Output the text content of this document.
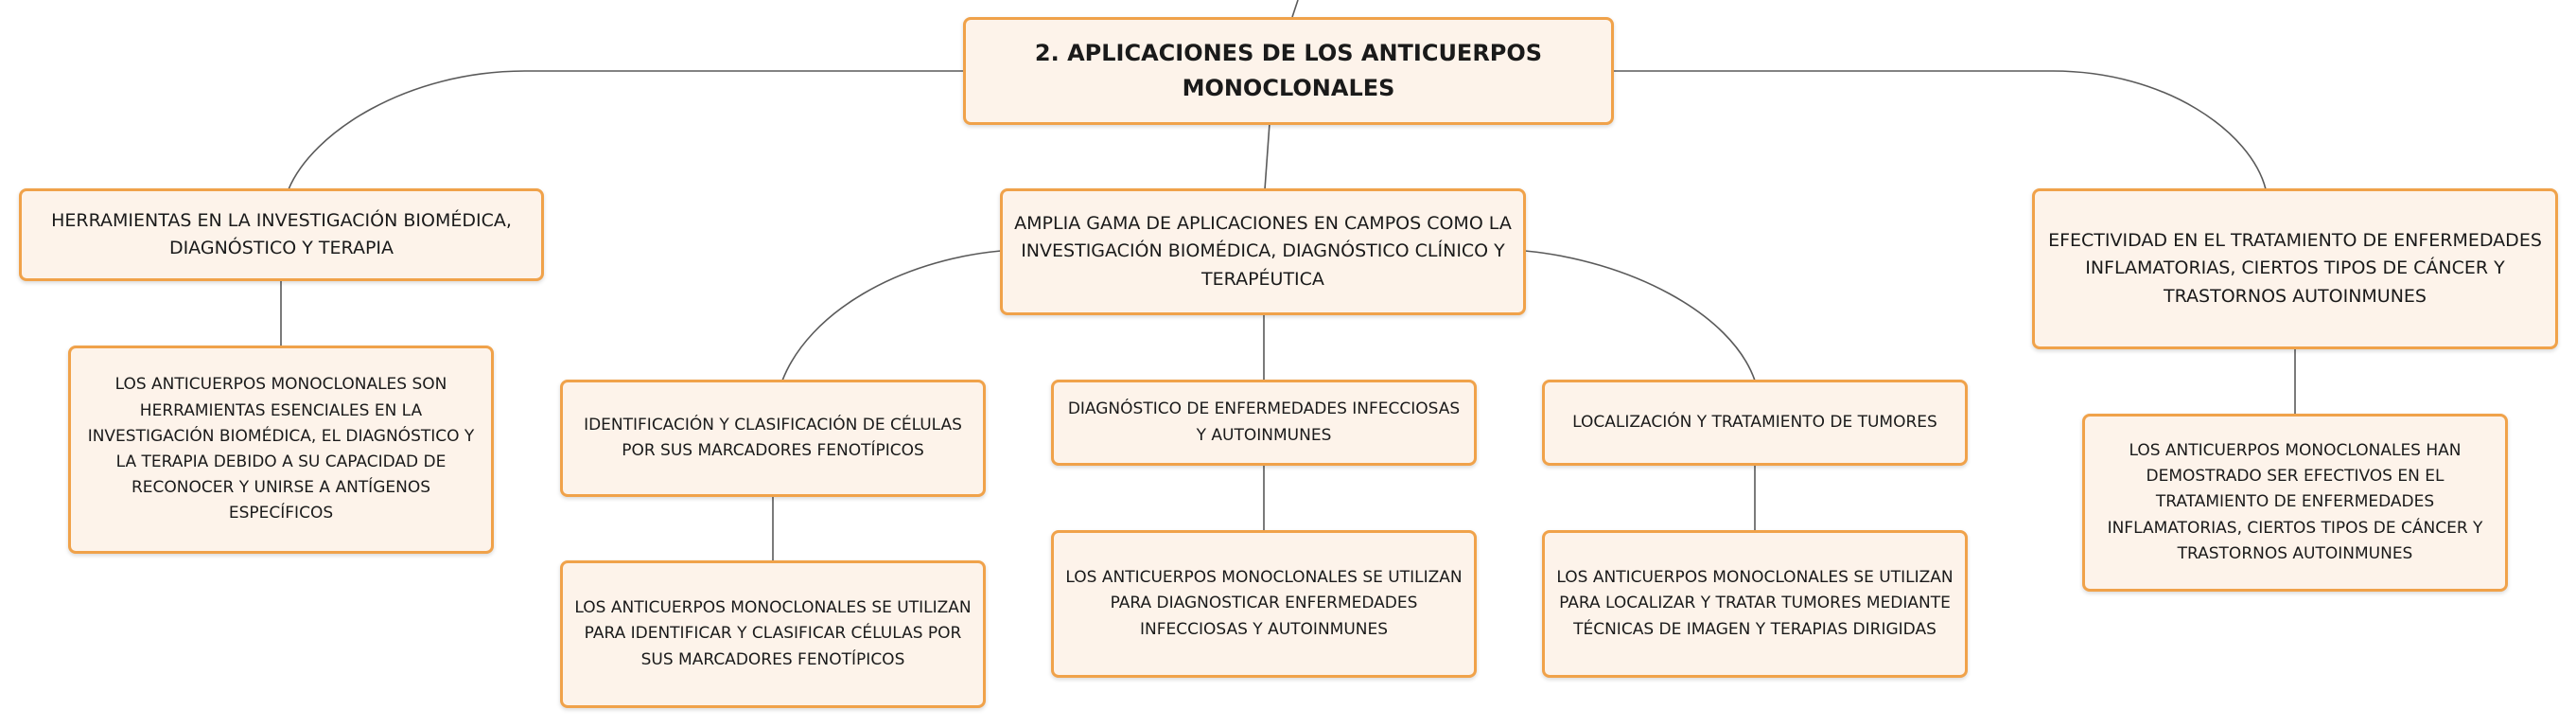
2. APLICACIONES DE LOS ANTICUERPOS MONOCLONALES
HERRAMIENTAS EN LA INVESTIGACIÓN BIOMÉDICA, DIAGNÓSTICO Y TERAPIA
LOS ANTICUERPOS MONOCLONALES SON HERRAMIENTAS ESENCIALES EN LA INVESTIGACIÓN BIOMÉDICA, EL DIAGNÓSTICO Y LA TERAPIA DEBIDO A SU CAPACIDAD DE RECONOCER Y UNIRSE A ANTÍGENOS ESPECÍFICOS
AMPLIA GAMA DE APLICACIONES EN CAMPOS COMO LA INVESTIGACIÓN BIOMÉDICA, DIAGNÓSTICO CLÍNICO Y TERAPÉUTICA
IDENTIFICACIÓN Y CLASIFICACIÓN DE CÉLULAS POR SUS MARCADORES FENOTÍPICOS
LOS ANTICUERPOS MONOCLONALES SE UTILIZAN PARA IDENTIFICAR Y CLASIFICAR CÉLULAS POR SUS MARCADORES FENOTÍPICOS
DIAGNÓSTICO DE ENFERMEDADES INFECCIOSAS Y AUTOINMUNES
LOS ANTICUERPOS MONOCLONALES SE UTILIZAN PARA DIAGNOSTICAR ENFERMEDADES INFECCIOSAS Y AUTOINMUNES
LOCALIZACIÓN Y TRATAMIENTO DE TUMORES
LOS ANTICUERPOS MONOCLONALES SE UTILIZAN PARA LOCALIZAR Y TRATAR TUMORES MEDIANTE TÉCNICAS DE IMAGEN Y TERAPIAS DIRIGIDAS
EFECTIVIDAD EN EL TRATAMIENTO DE ENFERMEDADES INFLAMATORIAS, CIERTOS TIPOS DE CÁNCER Y TRASTORNOS AUTOINMUNES
LOS ANTICUERPOS MONOCLONALES HAN DEMOSTRADO SER EFECTIVOS EN EL TRATAMIENTO DE ENFERMEDADES INFLAMATORIAS, CIERTOS TIPOS DE CÁNCER Y TRASTORNOS AUTOINMUNES
